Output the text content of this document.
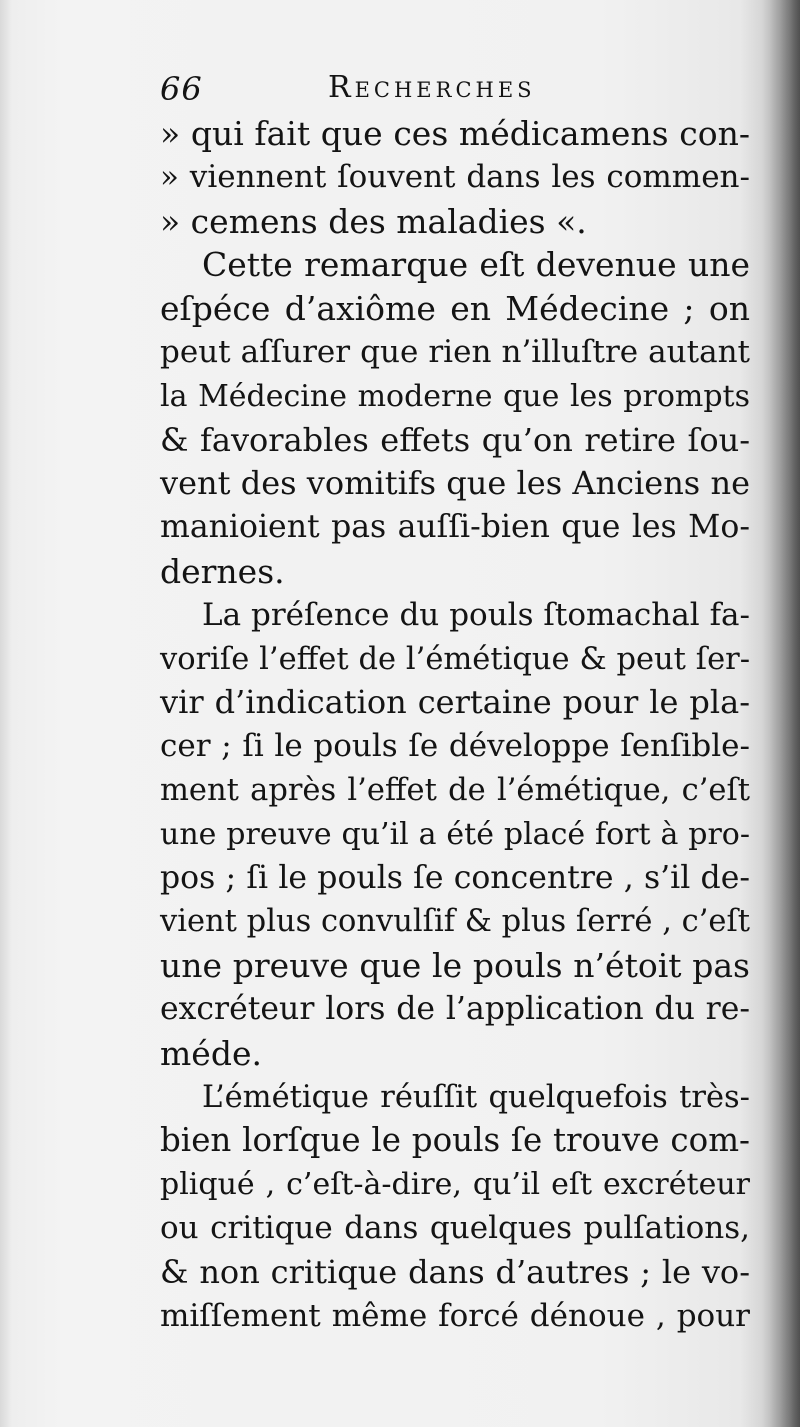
66	Recherches
» qui fait que ces médicamens con-
» viennent ſouvent dans les commen-
» cemens des maladies «.
Cette remarque eſt devenue une
eſpéce d’axiôme en Médecine ; on
peut aſſurer que rien n’illuſtre autant
la Médecine moderne que les prompts
& favorables effets qu’on retire ſou-
vent des vomitifs que les Anciens ne
manioient pas auſſi-bien que les Mo-
dernes.
La préſence du pouls ſtomachal fa-
voriſe l’effet de l’émétique & peut ſer-
vir d’indication certaine pour le pla-
cer ; ſi le pouls ſe développe ſenſible-
ment après l’effet de l’émétique, c’eſt
une preuve qu’il a été placé fort à pro-
pos ; ſi le pouls ſe concentre , s’il de-
vient plus convulſif & plus ſerré , c’eſt
une preuve que le pouls n’étoit pas
excréteur lors de l’application du re-
méde.
L’émétique réuſſit quelquefois très-
bien lorſque le pouls ſe trouve com-
pliqué , c’eſt-à-dire, qu’il eſt excréteur
ou critique dans quelques pulſations,
& non critique dans d’autres ; le vo-
miſſement même forcé dénoue , pour
